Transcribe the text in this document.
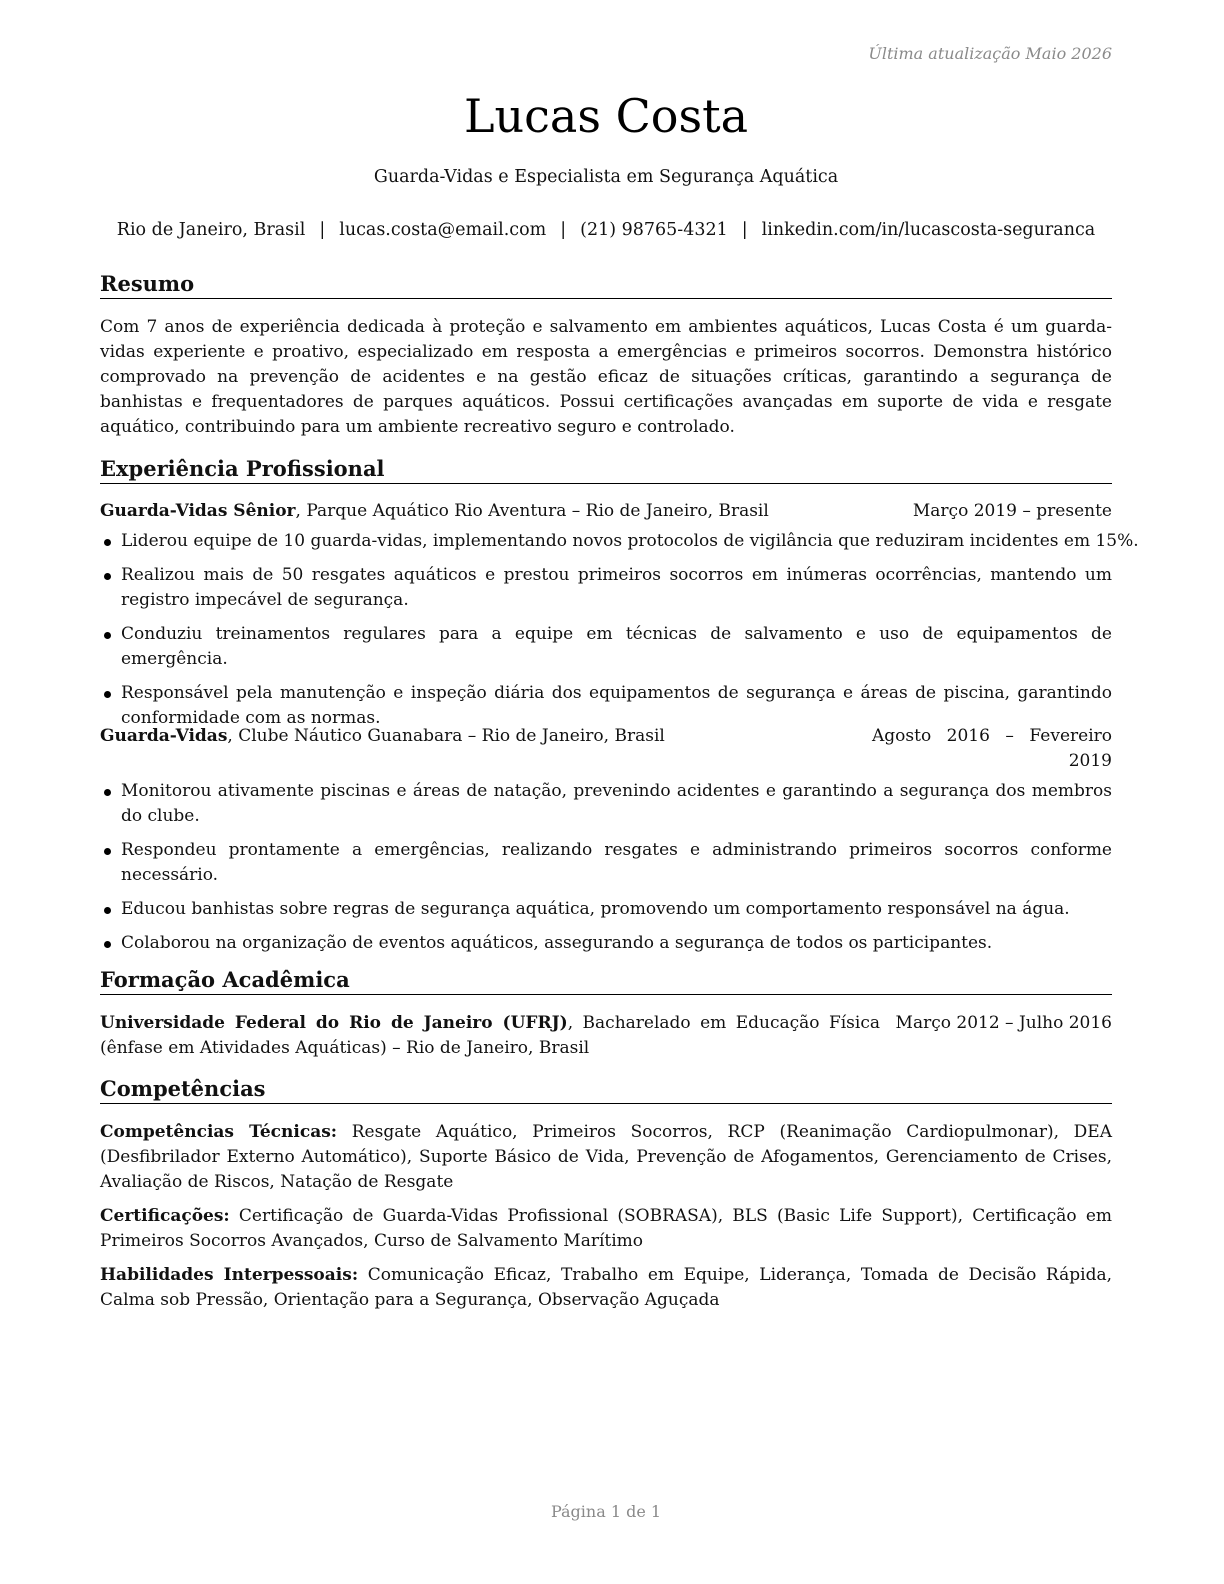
Última atualização Maio 2026
Lucas Costa
Guarda-Vidas e Especialista em Segurança Aquática
Rio de Janeiro, Brasil | lucas.costa@email.com | (21) 98765-4321 | linkedin.com/in/lucascosta-seguranca
Resumo

Com 7 anos de experiência dedicada à proteção e salvamento em ambientes aquáticos, Lucas Costa é um guarda-vidas experiente e proativo, especializado em resposta a emergências e primeiros socorros. Demonstra histórico comprovado na prevenção de acidentes e na gestão eficaz de situações críticas, garantindo a segurança de banhistas e frequentadores de parques aquáticos. Possui certificações avançadas em suporte de vida e resgate aquático, contribuindo para um ambiente recreativo seguro e controlado.

Experiência Profissional
Guarda-Vidas Sênior, Parque Aquático Rio Aventura – Rio de Janeiro, Brasil	Março 2019 – presente
Liderou equipe de 10 guarda-vidas, implementando novos protocolos de vigilância que reduziram incidentes em 15%.
Realizou mais de 50 resgates aquáticos e prestou primeiros socorros em inúmeras ocorrências, mantendo um registro impecável de segurança.
Conduziu treinamentos regulares para a equipe em técnicas de salvamento e uso de equipamentos de emergência.
Responsável pela manutenção e inspeção diária dos equipamentos de segurança e áreas de piscina, garantindo conformidade com as normas.
Guarda-Vidas, Clube Náutico Guanabara – Rio de Janeiro, Brasil	Agosto 2016 – Fevereiro 2019
Monitorou ativamente piscinas e áreas de natação, prevenindo acidentes e garantindo a segurança dos membros do clube.
Respondeu prontamente a emergências, realizando resgates e administrando primeiros socorros conforme necessário.
Educou banhistas sobre regras de segurança aquática, promovendo um comportamento responsável na água.
Colaborou na organização de eventos aquáticos, assegurando a segurança de todos os participantes.
Formação Acadêmica
Universidade Federal do Rio de Janeiro (UFRJ), Bacharelado em Educação Física (ênfase em Atividades Aquáticas) – Rio de Janeiro, Brasil
Março 2012 – Julho 2016
Competências

Competências Técnicas: Resgate Aquático, Primeiros Socorros, RCP (Reanimação Cardiopulmonar), DEA (Desfibrilador Externo Automático), Suporte Básico de Vida, Prevenção de Afogamentos, Gerenciamento de Crises, Avaliação de Riscos, Natação de Resgate

Certificações: Certificação de Guarda-Vidas Profissional (SOBRASA), BLS (Basic Life Support), Certificação em Primeiros Socorros Avançados, Curso de Salvamento Marítimo

Habilidades Interpessoais: Comunicação Eficaz, Trabalho em Equipe, Liderança, Tomada de Decisão Rápida, Calma sob Pressão, Orientação para a Segurança, Observação Aguçada

Página 1 de 1
